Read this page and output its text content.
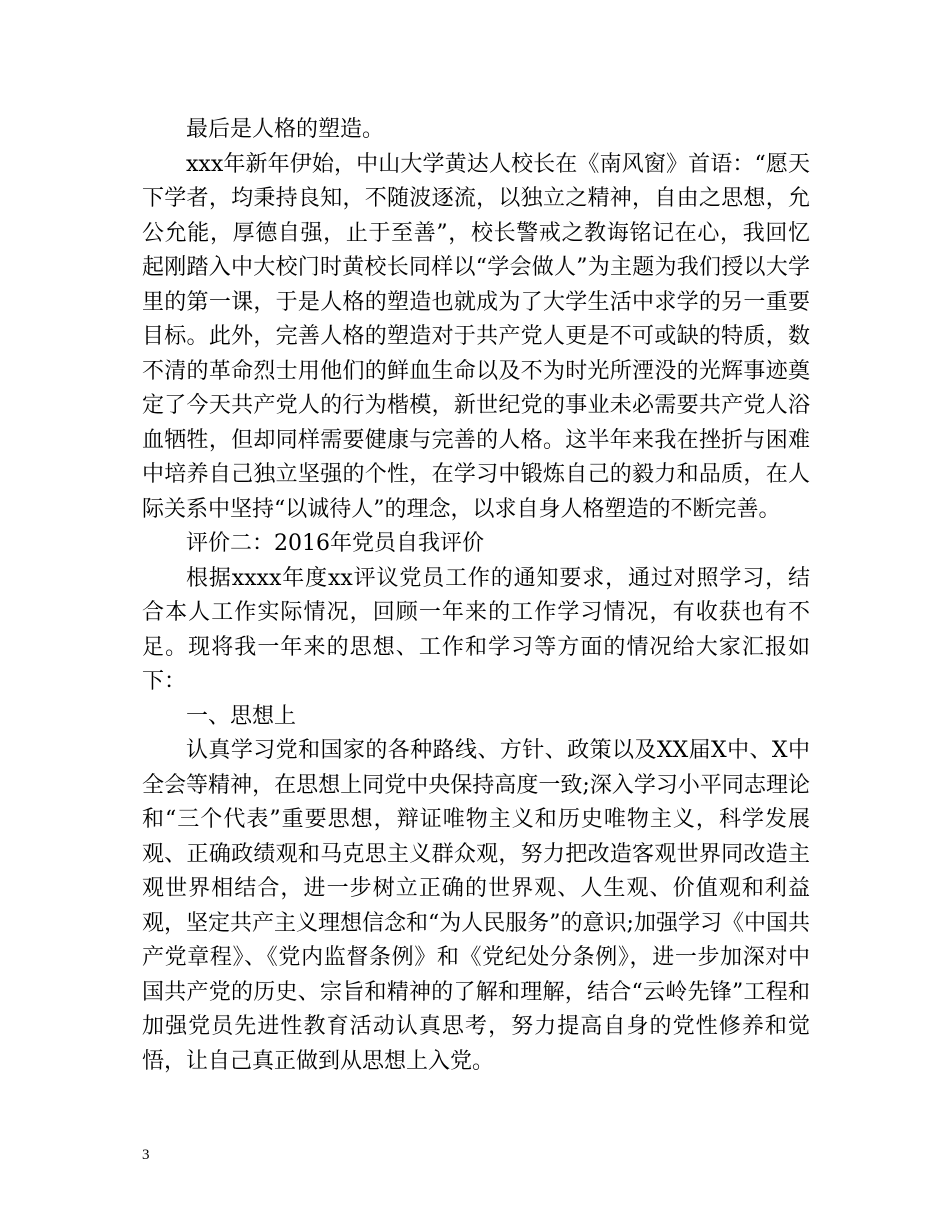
最后是人格的塑造。

xxx年新年伊始，中山大学黄达人校长在《南风窗》首语：“愿天下学者，均秉持良知，不随波逐流，以独立之精神，自由之思想，允公允能，厚德自强，止于至善”，校长警戒之教诲铭记在心，我回忆起刚踏入中大校门时黄校长同样以“学会做人”为主题为我们授以大学里的第一课，于是人格的塑造也就成为了大学生活中求学的另一重要目标。此外，完善人格的塑造对于共产党人更是不可或缺的特质，数不清的革命烈士用他们的鲜血生命以及不为时光所湮没的光辉事迹奠定了今天共产党人的行为楷模，新世纪党的事业未必需要共产党人浴血牺牲，但却同样需要健康与完善的人格。这半年来我在挫折与困难中培养自己独立坚强的个性，在学习中锻炼自己的毅力和品质，在人际关系中坚持“以诚待人”的理念，以求自身人格塑造的不断完善。

评价二：2016年党员自我评价

根据xxxx年度xx评议党员工作的通知要求，通过对照学习，结合本人工作实际情况，回顾一年来的工作学习情况，有收获也有不足。现将我一年来的思想、工作和学习等方面的情况给大家汇报如下：

一、思想上

认真学习党和国家的各种路线、方针、政策以及XX届X中、X中全会等精神，在思想上同党中央保持高度一致;深入学习小平同志理论和“三个代表”重要思想，辩证唯物主义和历史唯物主义，科学发展观、正确政绩观和马克思主义群众观，努力把改造客观世界同改造主观世界相结合，进一步树立正确的世界观、人生观、价值观和利益观，坚定共产主义理想信念和“为人民服务”的意识;加强学习《中国共产党章程》、《党内监督条例》和《党纪处分条例》，进一步加深对中国共产党的历史、宗旨和精神的了解和理解，结合“云岭先锋”工程和加强党员先进性教育活动认真思考，努力提高自身的党性修养和觉悟，让自己真正做到从思想上入党。

3
